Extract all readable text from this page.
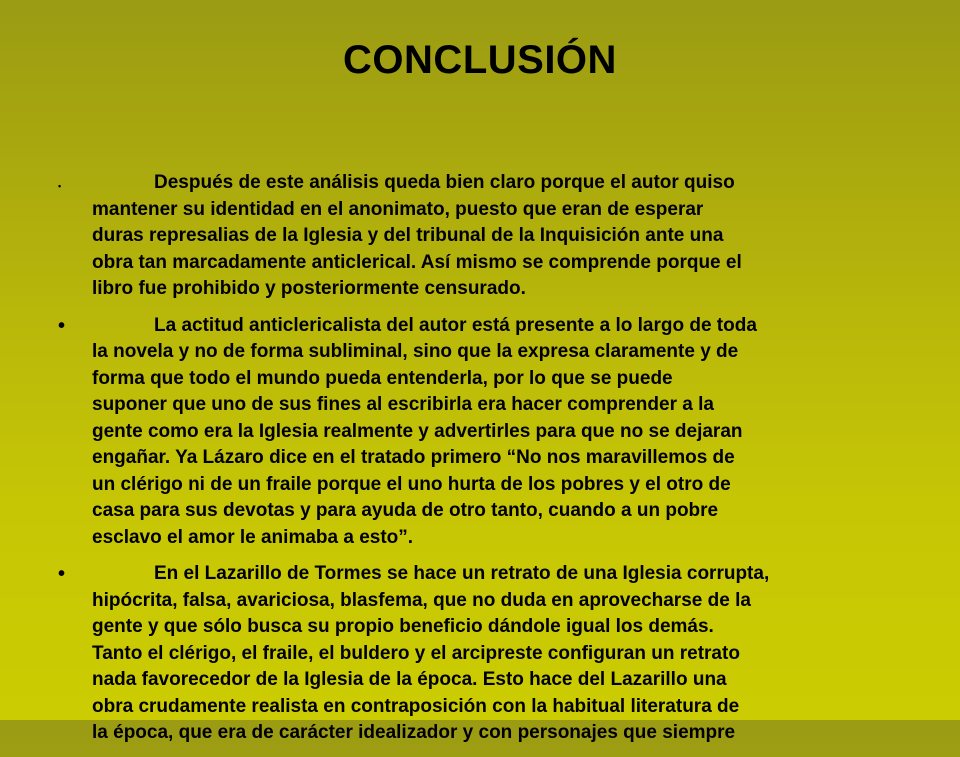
CONCLUSIÓN
•	Después de este análisis queda bien claro porque el autor quiso
mantener su identidad en el anonimato, puesto que eran de esperar
duras represalias de la Iglesia y del tribunal de la Inquisición ante una
obra tan marcadamente anticlerical. Así mismo se comprende porque el
libro fue prohibido y posteriormente censurado.
•	La actitud anticlericalista del autor está presente a lo largo de toda
la novela y no de forma subliminal, sino que la expresa claramente y de
forma que todo el mundo pueda entenderla, por lo que se puede
suponer que uno de sus fines al escribirla era hacer comprender a la
gente como era la Iglesia realmente y advertirles para que no se dejaran
engañar. Ya Lázaro dice en el tratado primero “No nos maravillemos de
un clérigo ni de un fraile porque el uno hurta de los pobres y el otro de
casa para sus devotas y para ayuda de otro tanto, cuando a un pobre
esclavo el amor le animaba a esto”.
•	En el Lazarillo de Tormes se hace un retrato de una Iglesia corrupta,
hipócrita, falsa, avariciosa, blasfema, que no duda en aprovecharse de la
gente y que sólo busca su propio beneficio dándole igual los demás.
Tanto el clérigo, el fraile, el buldero y el arcipreste configuran un retrato
nada favorecedor de la Iglesia de la época. Esto hace del Lazarillo una
obra crudamente realista en contraposición con la habitual literatura de
la época, que era de carácter idealizador y con personajes que siempre
